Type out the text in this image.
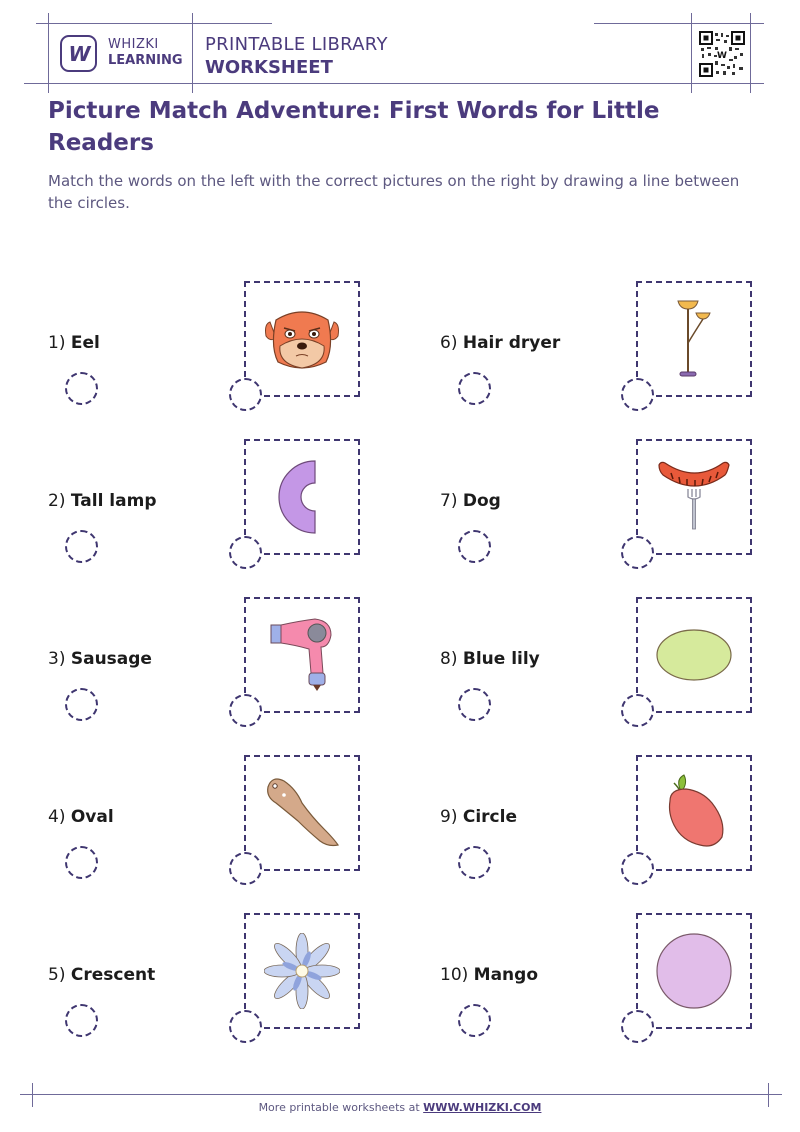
W WHIZKI
LEARNING
PRINTABLE LIBRARY
WORKSHEET
W
Picture Match Adventure: First Words for Little Readers
Match the words on the left with the correct pictures on the right by drawing a line between the circles.
1) Eel
2) Tall lamp
3) Sausage
4) Oval
5) Crescent
6) Hair dryer
7) Dog
8) Blue lily
9) Circle
10) Mango
More printable worksheets at WWW.WHIZKI.COM
